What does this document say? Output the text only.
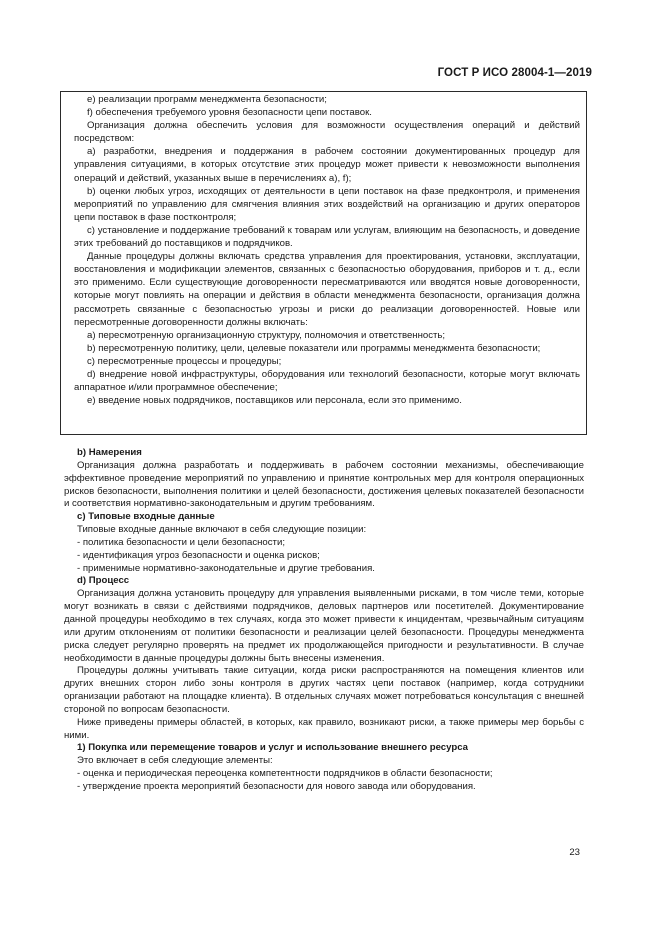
ГОСТ Р ИСО 28004-1—2019

e) реализации программ менеджмента безопасности;

f) обеспечения требуемого уровня безопасности цепи поставок.

Организация должна обеспечить условия для возможности осуществления операций и действий посредством:

a) разработки, внедрения и поддержания в рабочем состоянии документированных процедур для управления ситуациями, в которых отсутствие этих процедур может привести к невозможности выполнения операций и действий, указанных выше в перечислениях а), f);

b) оценки любых угроз, исходящих от деятельности в цепи поставок на фазе предконтроля, и применения мероприятий по управлению для смягчения влияния этих воздействий на организацию и других операторов цепи поставок в фазе постконтроля;

c) установление и поддержание требований к товарам или услугам, влияющим на безопасность, и доведение этих требований до поставщиков и подрядчиков.

Данные процедуры должны включать средства управления для проектирования, установки, эксплуатации, восстановления и модификации элементов, связанных с безопасностью оборудования, приборов и т. д., если это применимо. Если существующие договоренности пересматриваются или вводятся новые договоренности, которые могут повлиять на операции и действия в области менеджмента безопасности, организация должна рассмотреть связанные с безопасностью угрозы и риски до реализации договоренностей. Новые или пересмотренные договоренности должны включать:

a) пересмотренную организационную структуру, полномочия и ответственность;

b) пересмотренную политику, цели, целевые показатели или программы менеджмента безопасности;

c) пересмотренные процессы и процедуры;

d) внедрение новой инфраструктуры, оборудования или технологий безопасности, которые могут включать аппаратное и/или программное обеспечение;

e) введение новых подрядчиков, поставщиков или персонала, если это применимо.

b) Намерения

Организация должна разработать и поддерживать в рабочем состоянии механизмы, обеспечивающие эффективное проведение мероприятий по управлению и принятие контрольных мер для контроля операционных рисков безопасности, выполнения политики и целей безопасности, достижения целевых показателей безопасности и соответствия нормативно-законодательным и другим требованиям.

c) Типовые входные данные

Типовые входные данные включают в себя следующие позиции:

- политика безопасности и цели безопасности;

- идентификация угроз безопасности и оценка рисков;

- применимые нормативно-законодательные и другие требования.

d) Процесс

Организация должна установить процедуру для управления выявленными рисками, в том числе теми, которые могут возникать в связи с действиями подрядчиков, деловых партнеров или посетителей. Документирование данной процедуры необходимо в тех случаях, когда это может привести к инцидентам, чрезвычайным ситуациям или другим отклонениям от политики безопасности и реализации целей безопасности. Процедуры менеджмента риска следует регулярно проверять на предмет их продолжающейся пригодности и результативности. В случае необходимости в данные процедуры должны быть внесены изменения.

Процедуры должны учитывать такие ситуации, когда риски распространяются на помещения клиентов или других внешних сторон либо зоны контроля в других частях цепи поставок (например, когда сотрудники организации работают на площадке клиента). В отдельных случаях может потребоваться консультация с внешней стороной по вопросам безопасности.

Ниже приведены примеры областей, в которых, как правило, возникают риски, а также примеры мер борьбы с ними.

1) Покупка или перемещение товаров и услуг и использование внешнего ресурса

Это включает в себя следующие элементы:

- оценка и периодическая переоценка компетентности подрядчиков в области безопасности;

- утверждение проекта мероприятий безопасности для нового завода или оборудования.

23
